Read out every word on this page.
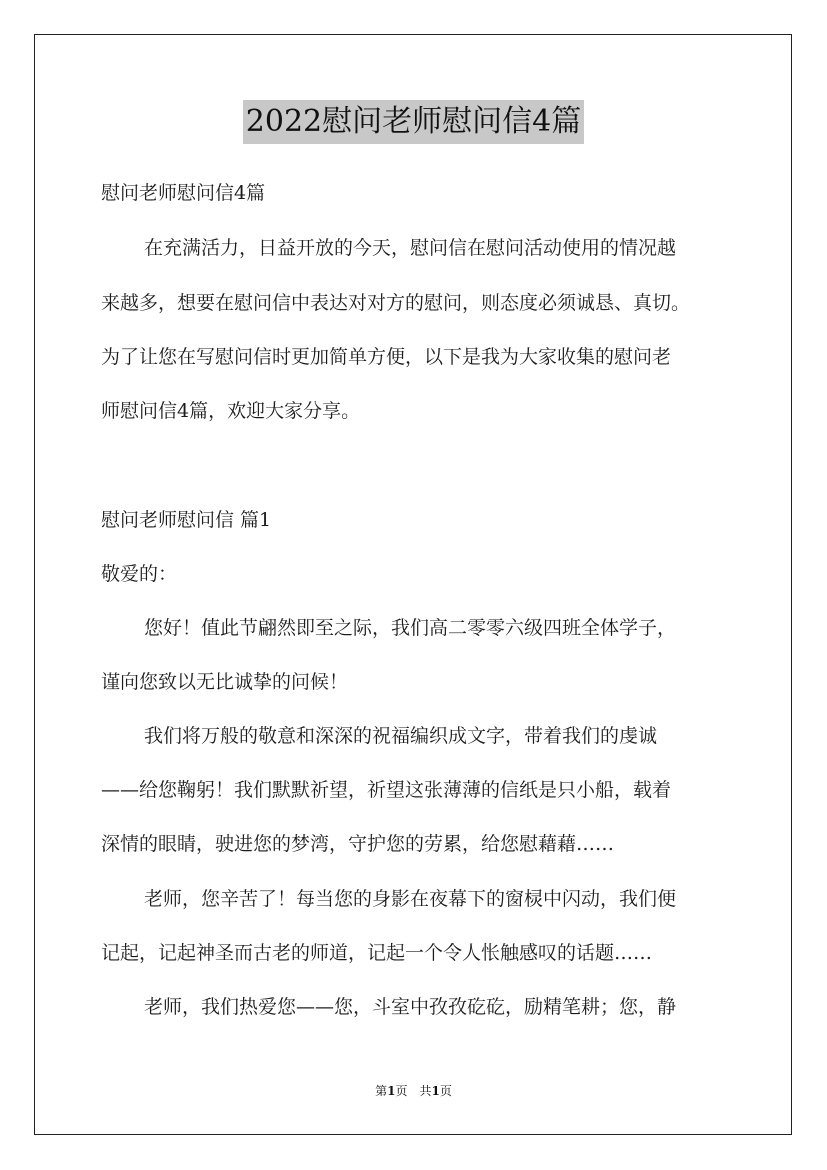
2022慰问老师慰问信4篇
慰问老师慰问信4篇
在充满活力，日益开放的今天，慰问信在慰问活动使用的情况越
来越多，想要在慰问信中表达对对方的慰问，则态度必须诚恳、真切。
为了让您在写慰问信时更加简单方便，以下是我为大家收集的慰问老
师慰问信4篇，欢迎大家分享。
慰问老师慰问信 篇1
敬爱的：
您好！值此节翩然即至之际，我们高二零零六级四班全体学子，
谨向您致以无比诚挚的问候！
我们将万般的敬意和深深的祝福编织成文字，带着我们的虔诚
——给您鞠躬！我们默默祈望，祈望这张薄薄的信纸是只小船，载着
深情的眼睛，驶进您的梦湾，守护您的劳累，给您慰藉藉……
老师，您辛苦了！每当您的身影在夜幕下的窗棂中闪动，我们便
记起，记起神圣而古老的师道，记起一个令人怅触感叹的话题……
老师，我们热爱您——您，斗室中孜孜矻矻，励精笔耕；您，静
第1页　共1页
